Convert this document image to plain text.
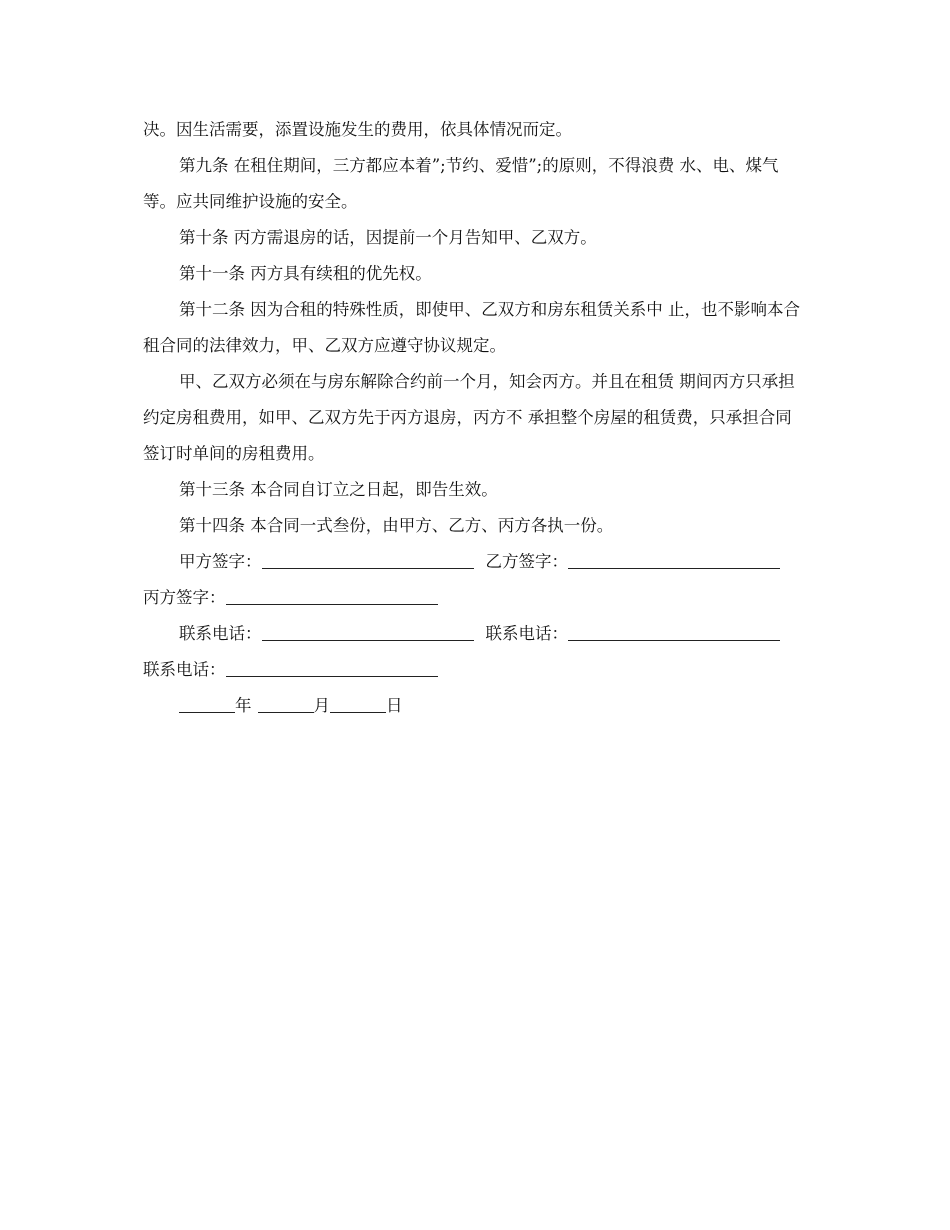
决。因生活需要，添置设施发生的费用，依具体情况而定。

第九条 在租住期间，三方都应本着”;节约、爱惜”;的原则，不得浪费 水、电、煤气等。应共同维护设施的安全。

第十条 丙方需退房的话，因提前一个月告知甲、乙双方。

第十一条 丙方具有续租的优先权。

第十二条 因为合租的特殊性质，即使甲、乙双方和房东租赁关系中 止，也不影响本合租合同的法律效力，甲、乙双方应遵守协议规定。

甲、乙双方必须在与房东解除合约前一个月，知会丙方。并且在租赁 期间丙方只承担约定房租费用，如甲、乙双方先于丙方退房，丙方不 承担整个房屋的租赁费，只承担合同签订时单间的房租费用。

第十三条 本合同自订立之日起，即告生效。

第十四条 本合同一式叁份，由甲方、乙方、丙方各执一份。

甲方签字：	乙方签字：
丙方签字：
联系电话：	联系电话：
联系电话：
年	月	日
